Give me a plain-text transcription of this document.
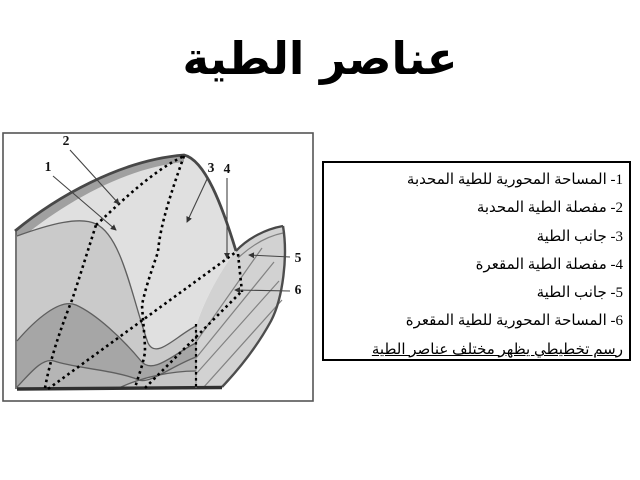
عناصر الطية
1
2
3 4
5
6
1- المساحة المحورية للطية المحدبة
2- مفصلة الطية المحدبة
3- جانب الطية
4- مفصلة الطية المقعرة
5- جانب الطية
6- المساحة المحورية للطية المقعرة
رسم تخطيطي يظهر مختلف عناصر الطية
